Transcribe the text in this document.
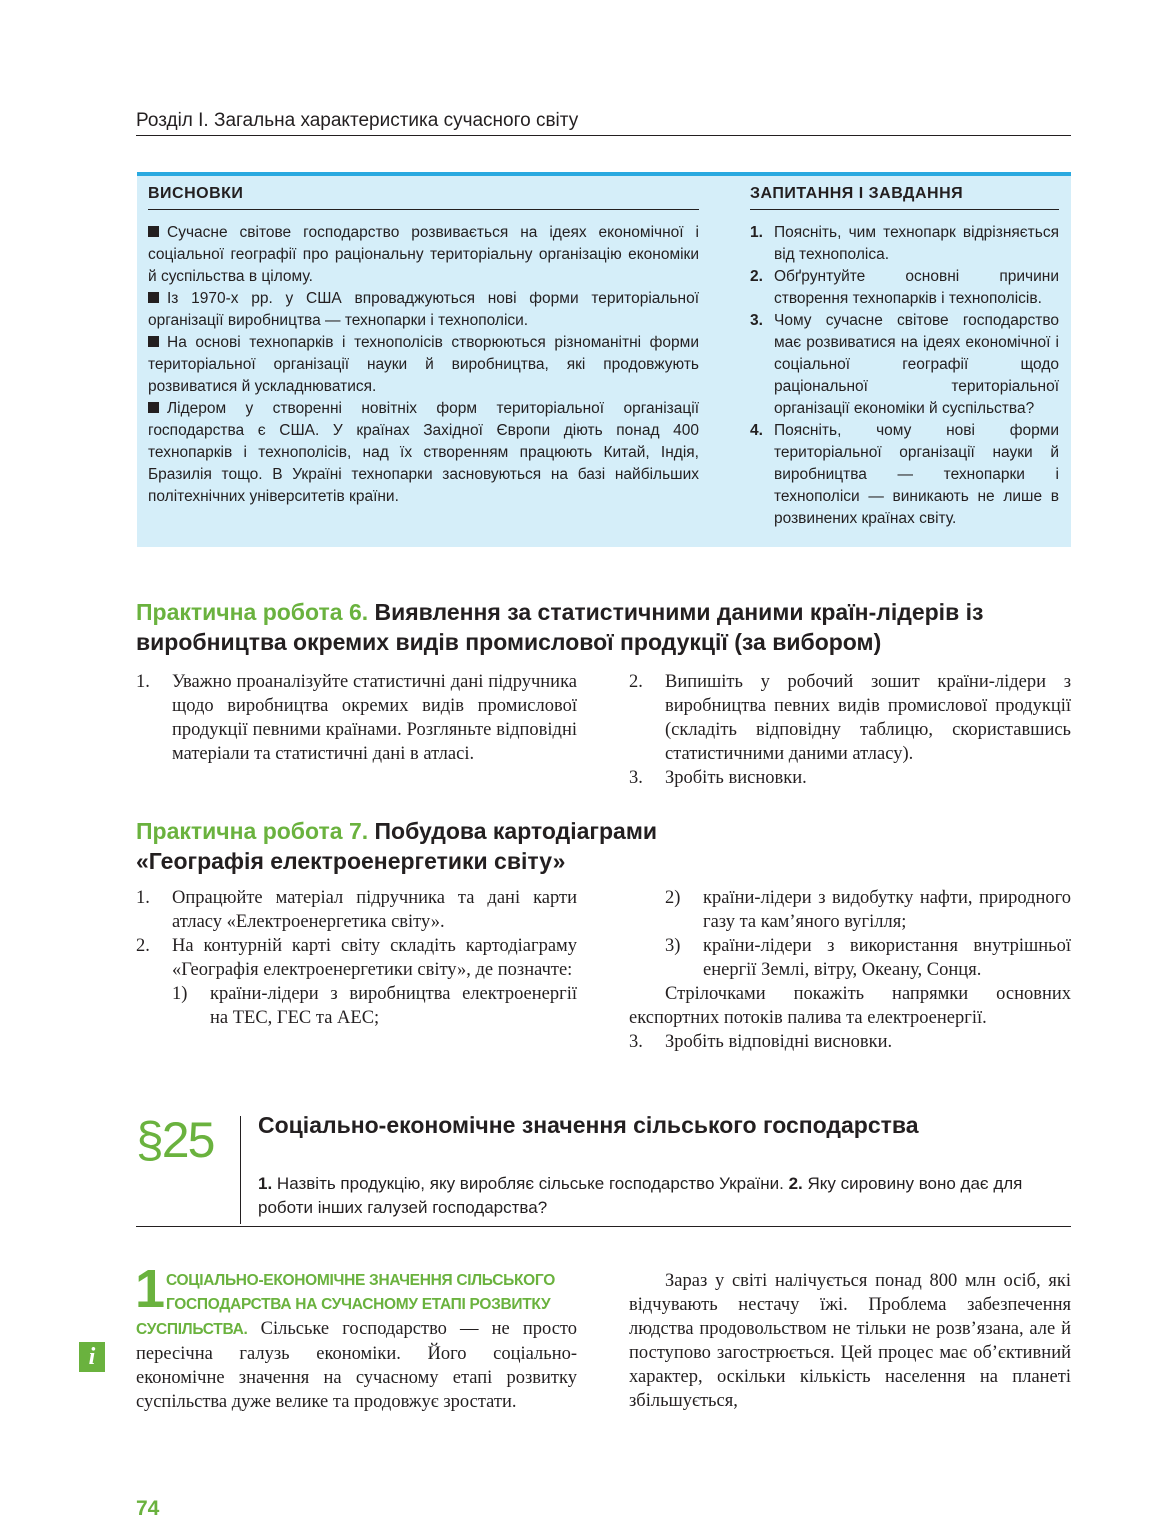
Розділ І. Загальна характеристика сучасного світу
ВИСНОВКИ

Сучасне світове господарство розвивається на ідеях економічної і соціальної географії про раціональну територіальну організацію економіки й суспільства в цілому.

Із 1970-х рр. у США впроваджуються нові форми територіальної організації виробництва — технопарки і технополіси.

На основі технопарків і технополісів створюються різноманітні форми територіальної організації науки й виробництва, які продовжують розвиватися й ускладнюватися.

Лідером у створенні новітніх форм територіальної організації господарства є США. У країнах Західної Європи діють понад 400 технопарків і технополісів, над їх створенням працюють Китай, Індія, Бразилія тощо. В Україні технопарки засновуються на базі найбільших політехнічних університетів країни.

ЗАПИТАННЯ І ЗАВДАННЯ
1. Поясніть, чим технопарк відрізняється від технополіса.
2. Обґрунтуйте основні причини створення технопарків і технополісів.
3. Чому сучасне світове господарство має розвиватися на ідеях економічної і соціальної географії щодо раціональної територіальної організації економіки й суспільства?
4. Поясніть, чому нові форми територіальної організації науки й виробництва — технопарки і технополіси — виникають не лише в розвинених країнах світу.
Практична робота 6. Виявлення за статистичними даними країн-лідерів із виробництва окремих видів промислової продукції (за вибором)
1. Уважно проаналізуйте статистичні дані підручника щодо виробництва окремих видів промислової продукції певними країнами. Розгляньте відповідні матеріали та статистичні дані в атласі.
2. Випишіть у робочий зошит країни-лідери з виробництва певних видів промислової продукції (складіть відповідну таблицю, скориставшись статистичними даними атласу).
3. Зробіть висновки.
Практична робота 7. Побудова картодіаграми
«Географія електроенергетики світу»
1. Опрацюйте матеріал підручника та дані карти атласу «Електроенергетика світу».
2. На контурній карті світу складіть картодіаграму «Географія електроенергетики світу», де позначте:
1) країни-лідери з виробництва електроенергії на ТЕС, ГЕС та АЕС;
2) країни-лідери з видобутку нафти, природного газу та кам’яного вугілля;
3) країни-лідери з використання внутрішньої енергії Землі, вітру, Океану, Сонця.
Стрілочками покажіть напрямки основних експортних потоків палива та електроенергії.
3. Зробіть відповідні висновки.
§25 Соціально-економічне значення сільського господарства
1. Назвіть продукцію, яку виробляє сільське господарство України. 2. Яку сировину воно дає для роботи інших галузей господарства?
1 СОЦІАЛЬНО-ЕКОНОМІЧНЕ ЗНАЧЕННЯ СІЛЬСЬКОГО
ГОСПОДАРСТВА НА СУЧАСНОМУ ЕТАПІ РОЗВИТКУ
СУСПІЛЬСТВА. Сільське господарство — не просто пересічна галузь економіки. Його соціально-економічне значення на сучасному етапі розвитку суспільства дуже велике та продовжує зростати.
Зараз у світі налічується понад 800 млн осіб, які відчувають нестачу їжі. Проблема забезпечення людства продовольством не тільки не розв’язана, але й поступово загострюється. Цей процес має об’єктивний характер, оскільки кількість населення на планеті збільшується,
i
74
